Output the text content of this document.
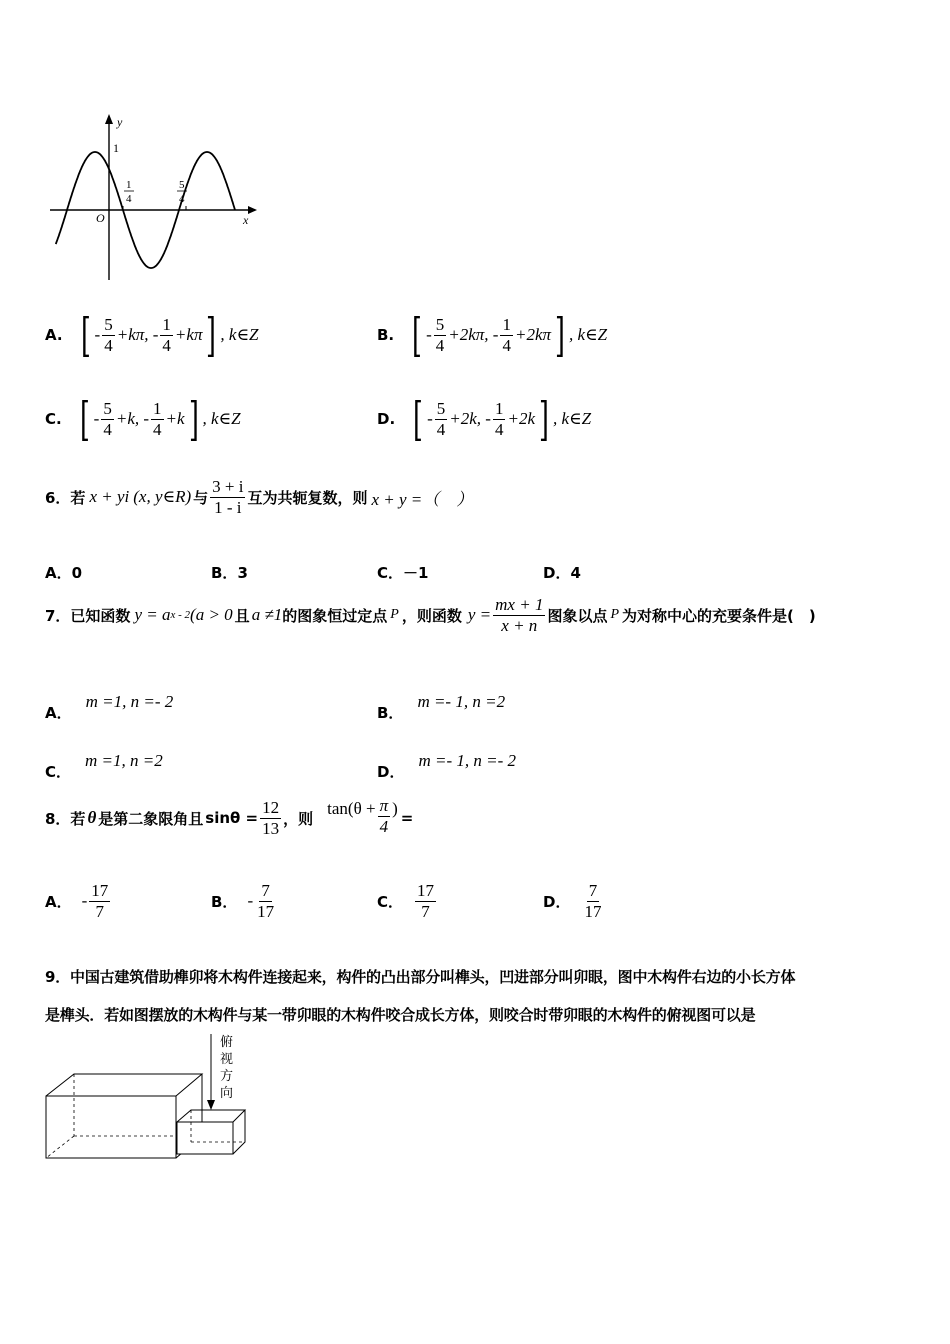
y
x
O
1
1
4
5
4
A. [ - $\frac{5}{4} +k\pi$, - $\frac{1}{4} +k\pi$ ] , k∈Z	B. [ - $\frac{5}{4} +2k\pi$, - $\frac{1}{4} +2k\pi$ ] , k∈Z
C. [ - $\frac{5}{4} +k$, - $\frac{1}{4} +k$ ] , k∈Z	D. [ - $\frac{5}{4} +2k$, - $\frac{1}{4} +2k$ ] , k∈Z
6．若 x + yi (x, y∈R) 与 $\frac{3 + i}{1 - i}$ 互为共轭复数，则 x + y =（　）
A． 0	B． 3	C． －1	D． 4
7．已知函数 y = a x - 2 (a > 0 且 a ≠1 的图象恒过定点 P ，则函数 $y = \frac{mx + 1}{x + n}$ 图象以点 P 为对称中心的充要条件是(　)
A．
m =1, n =- 2
B．
m =- 1, n =2
C．
m =1, n =2
D．
m =- 1, n =- 2
8．若 θ 是第二象限角且 $\sin\theta = \frac{12}{13}$ ，则
$\tan(\theta + \frac{\pi}{4}$ ) =
A． - $\frac{17}{7}$	B． - $\frac{7}{17}$	C． $\frac{17}{7}$	D． $\frac{7}{17}$
9．中国古建筑借助榫卯将木构件连接起来，构件的凸出部分叫榫头，凹进部分叫卯眼，图中木构件右边的小长方体
是榫头．若如图摆放的木构件与某一带卯眼的木构件咬合成长方体，则咬合时带卯眼的木构件的俯视图可以是
俯
视
方
向
